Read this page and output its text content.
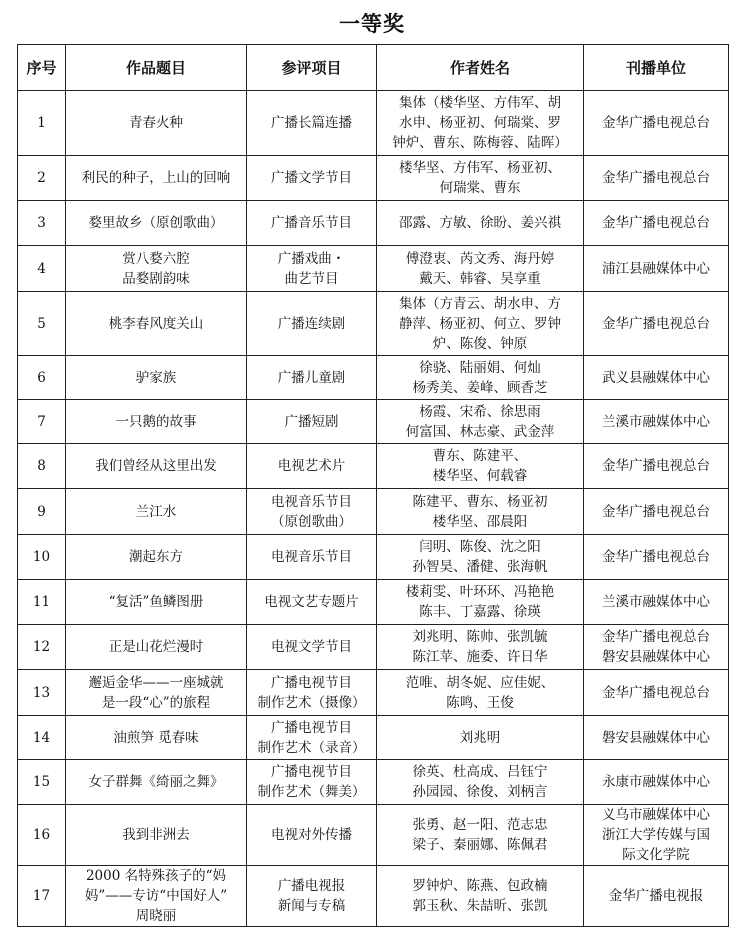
一等奖
序号	作品题目	参评项目	作者姓名	刊播单位
1	青春火种	广播长篇连播	集体（楼华坚、方伟军、胡
水申、杨亚初、何瑞棠、罗
钟炉、曹东、陈梅蓉、陆晖）	金华广播电视总台

2	利民的种子，上山的回响	广播文学节目	楼华坚、方伟军、杨亚初、
何瑞棠、曹东	金华广播电视总台

3	婺里故乡（原创歌曲）	广播音乐节目	邵露、方敏、徐盼、姜兴祺	金华广播电视总台

4	赏八婺六腔
品婺剧韵味	广播戏曲・
曲艺节目	傅澄衷、芮文秀、海丹婷
戴天、韩睿、吴享重	浦江县融媒体中心

5	桃李春风度关山	广播连续剧	集体（方青云、胡水申、方
静萍、杨亚初、何立、罗钟
炉、陈俊、钟原	金华广播电视总台

6	驴家族	广播儿童剧	徐骁、陆丽娟、何灿
杨秀美、姜峰、顾香芝	武义县融媒体中心

7	一只鹅的故事	广播短剧	杨霞、宋希、徐思雨
何富国、林志豪、武金萍	兰溪市融媒体中心

8	我们曾经从这里出发	电视艺术片	曹东、陈建平、
楼华坚、何载睿	金华广播电视总台

9	兰江水	电视音乐节目
（原创歌曲）	陈建平、曹东、杨亚初
楼华坚、邵晨阳	金华广播电视总台

10	潮起东方	电视音乐节目	闫明、陈俊、沈之阳
孙智昊、潘健、张海帆	金华广播电视总台

11	“复活”鱼鳞图册	电视文艺专题片	楼莉雯、叶环环、冯艳艳
陈丰、丁嘉露、徐瑛	兰溪市融媒体中心

12	正是山花烂漫时	电视文学节目	刘兆明、陈帅、张凯毓
陈江苹、施委、许日华	金华广播电视总台
磐安县融媒体中心

13	邂逅金华——一座城就
是一段“心”的旅程	广播电视节目
制作艺术（摄像）	范唯、胡冬妮、应佳妮、
陈鸣、王俊	金华广播电视总台

14	油煎笋 觅春味	广播电视节目
制作艺术（录音）	刘兆明	磐安县融媒体中心

15	女子群舞《绮丽之舞》	广播电视节目
制作艺术（舞美）	徐英、杜高成、吕钰宁
孙园园、徐俊、刘柄言	永康市融媒体中心

16	我到非洲去	电视对外传播	张勇、赵一阳、范志忠
梁子、秦丽娜、陈佩君	义乌市融媒体中心
浙江大学传媒与国
际文化学院

17	2000 名特殊孩子的“妈
妈”——专访“中国好人”
周晓丽	广播电视报
新闻与专稿	罗钟炉、陈燕、包政楠
郭玉秋、朱喆昕、张凯	金华广播电视报
